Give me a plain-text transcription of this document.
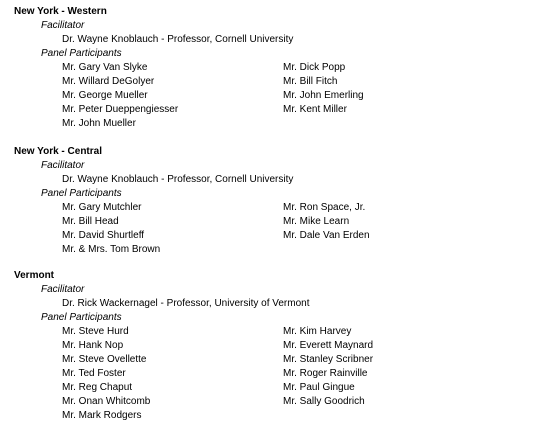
New York - Western
Facilitator
Dr. Wayne Knoblauch - Professor, Cornell University
Panel Participants
Mr. Gary Van Slyke
Mr. Willard DeGolyer
Mr. George Mueller
Mr. Peter Dueppengiesser
Mr. John Mueller
Mr. Dick Popp
Mr. Bill Fitch
Mr. John Emerling
Mr. Kent Miller
New York - Central
Facilitator
Dr. Wayne Knoblauch - Professor, Cornell University
Panel Participants
Mr. Gary Mutchler
Mr. Bill Head
Mr. David Shurtleff
Mr. & Mrs. Tom Brown
Mr. Ron Space, Jr.
Mr. Mike Learn
Mr. Dale Van Erden
Vermont
Facilitator
Dr. Rick Wackernagel - Professor, University of Vermont
Panel Participants
Mr. Steve Hurd
Mr. Hank Nop
Mr. Steve Ovellette
Mr. Ted Foster
Mr. Reg Chaput
Mr. Onan Whitcomb
Mr. Mark Rodgers
Mr. Kim Harvey
Mr. Everett Maynard
Mr. Stanley Scribner
Mr. Roger Rainville
Mr. Paul Gingue
Mr. Sally Goodrich
